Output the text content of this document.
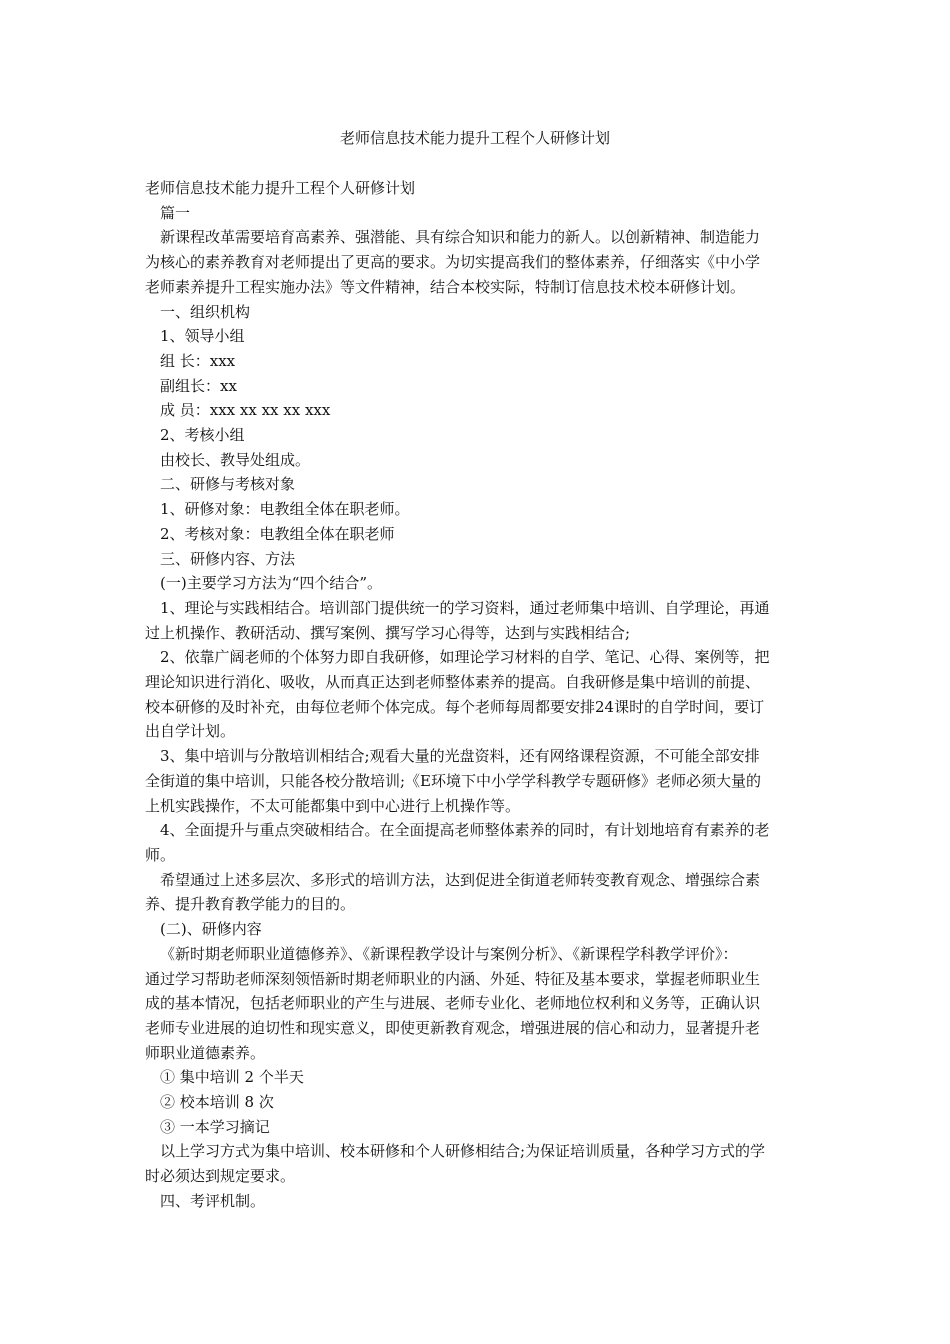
老师信息技术能力提升工程个人研修计划

老师信息技术能力提升工程个人研修计划

篇一

新课程改革需要培育高素养、强潜能、具有综合知识和能力的新人。以创新精神、制造能力

为核心的素养教育对老师提出了更高的要求。为切实提高我们的整体素养，仔细落实《中小学

老师素养提升工程实施办法》等文件精神，结合本校实际，特制订信息技术校本研修计划。

一、组织机构

1、领导小组

组 长：xxx

副组长：xx

成 员：xxx xx xx xx xxx

2、考核小组

由校长、教导处组成。

二、研修与考核对象

1、研修对象：电教组全体在职老师。

2、考核对象：电教组全体在职老师

三、研修内容、方法

(一)主要学习方法为“四个结合”。

1、理论与实践相结合。培训部门提供统一的学习资料，通过老师集中培训、自学理论，再通

过上机操作、教研活动、撰写案例、撰写学习心得等，达到与实践相结合;

2、依靠广阔老师的个体努力即自我研修，如理论学习材料的自学、笔记、心得、案例等，把

理论知识进行消化、吸收，从而真正达到老师整体素养的提高。自我研修是集中培训的前提、

校本研修的及时补充，由每位老师个体完成。每个老师每周都要安排24课时的自学时间，要订

出自学计划。

3、集中培训与分散培训相结合;观看大量的光盘资料，还有网络课程资源，不可能全部安排

全街道的集中培训，只能各校分散培训;《E环境下中小学学科教学专题研修》老师必须大量的

上机实践操作，不太可能都集中到中心进行上机操作等。

4、全面提升与重点突破相结合。在全面提高老师整体素养的同时，有计划地培育有素养的老

师。

希望通过上述多层次、多形式的培训方法，达到促进全街道老师转变教育观念、增强综合素

养、提升教育教学能力的目的。

(二)、研修内容

《新时期老师职业道德修养》、《新课程教学设计与案例分析》、《新课程学科教学评价》：

通过学习帮助老师深刻领悟新时期老师职业的内涵、外延、特征及基本要求，掌握老师职业生

成的基本情况，包括老师职业的产生与进展、老师专业化、老师地位权利和义务等，正确认识

老师专业进展的迫切性和现实意义，即使更新教育观念，增强进展的信心和动力，显著提升老

师职业道德素养。

① 集中培训 2 个半天

② 校本培训 8 次

③ 一本学习摘记

以上学习方式为集中培训、校本研修和个人研修相结合;为保证培训质量，各种学习方式的学

时必须达到规定要求。

四、考评机制。
